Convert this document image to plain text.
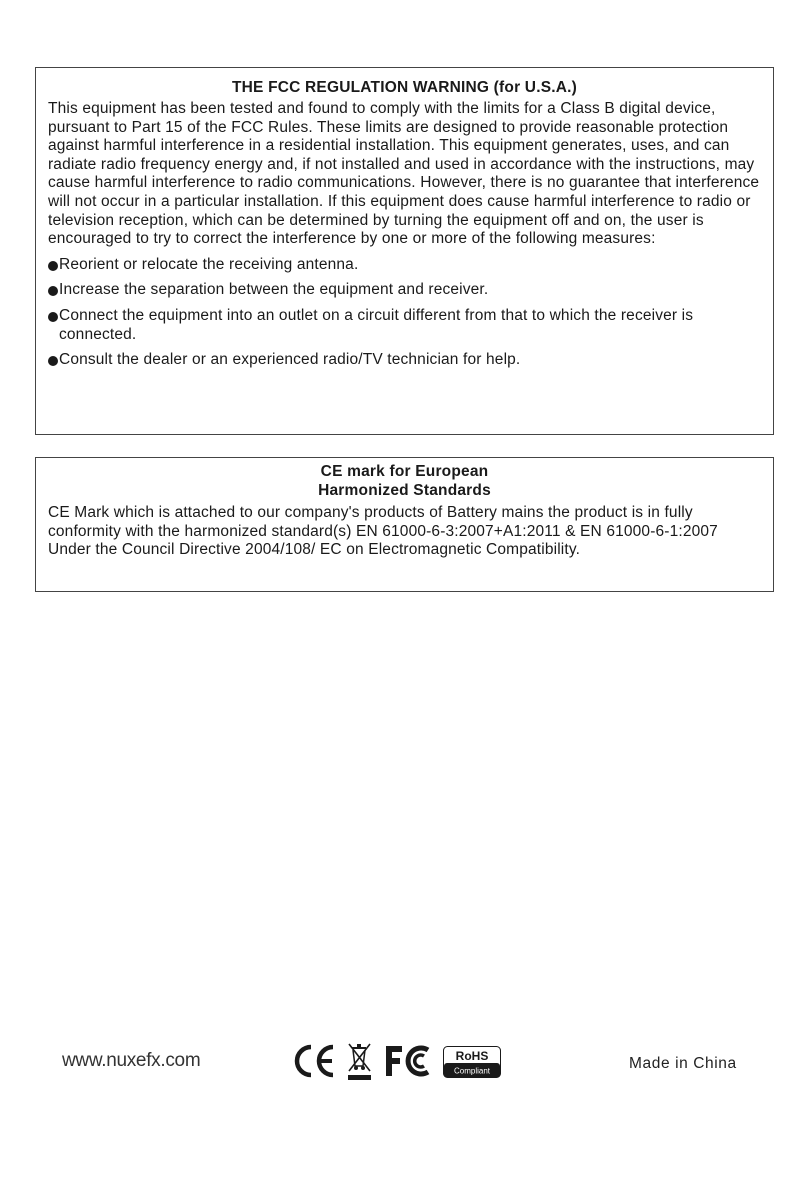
THE FCC REGULATION WARNING (for U.S.A.)

This equipment has been tested and found to comply with the limits for a Class B digital device, pursuant to Part 15 of the FCC Rules. These limits are designed to provide reasonable protection against harmful interference in a residential installation. This equipment generates, uses, and can radiate radio frequency energy and, if not installed and used in accordance with the instructions, may cause harmful interference to radio communications. However, there is no guarantee that interference will not occur in a particular installation. If this equipment does cause harmful interference to radio or television reception, which can be determined by turning the equipment off and on, the user is encouraged to try to correct the interference by one or more of the following measures:

Reorient or relocate the receiving antenna.
Increase the separation between the equipment and receiver.
Connect the equipment into an outlet on a circuit different from that to which the receiver is connected.
Consult the dealer or an experienced radio/TV technician for help.
CE mark for European
Harmonized Standards

CE Mark which is attached to our company's products of Battery mains the product is in fully conformity with the harmonized standard(s) EN 61000-6-3:2007+A1:2011 & EN 61000-6-1:2007 Under the Council Directive 2004/108/ EC on Electromagnetic Compatibility.

www.nuxefx.com	RoHS
Compliant	Made in China
